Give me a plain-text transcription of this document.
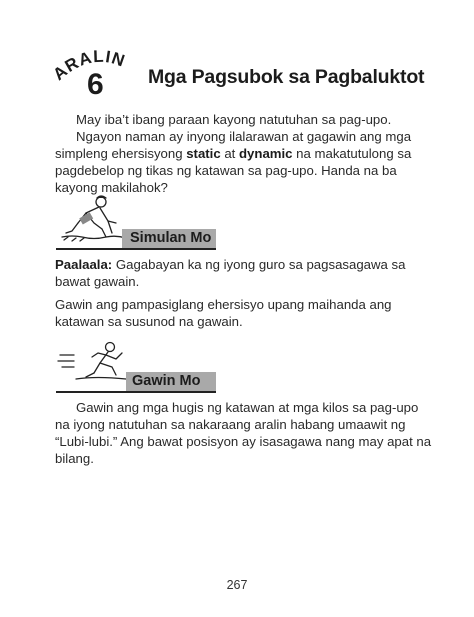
ARALIN
6 Mga Pagsubok sa Pagbaluktot
May iba’t ibang paraan kayong natutuhan sa pag-upo.
Ngayon naman ay inyong ilalarawan at gagawin ang mga
simpleng ehersisyong static at dynamic na makatutulong sa
pagdebelop ng tikas ng katawan sa pag-upo. Handa na ba
kayong makilahok?
Simulan Mo
Paalaala: Gagabayan ka ng iyong guro sa pagsasagawa sa
bawat gawain.
Gawin ang pampasiglang ehersisyo upang maihanda ang
katawan sa susunod na gawain.
Gawin Mo
Gawin ang mga hugis ng katawan at mga kilos sa pag-upo
na iyong natutuhan sa nakaraang aralin habang umaawit ng
“Lubi-lubi.” Ang bawat posisyon ay isasagawa nang may apat na
bilang.
267
